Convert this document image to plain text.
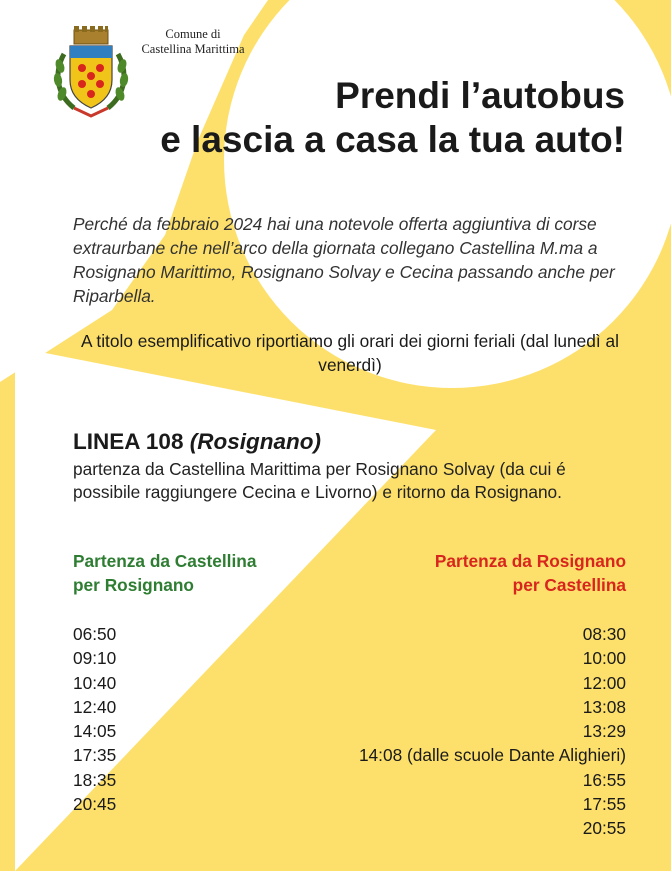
Comune di
Castellina Marittima
Prendi l’autobus
e lascia a casa la tua auto!
Perché da febbraio 2024 hai una notevole offerta aggiuntiva di corse extraurbane che nell’arco della giornata collegano Castellina M.ma a Rosignano Marittimo, Rosignano Solvay e Cecina passando anche per Riparbella.
A titolo esemplificativo riportiamo gli orari dei giorni feriali (dal lunedì al venerdì)
LINEA 108 (Rosignano)
partenza da Castellina Marittima per Rosignano Solvay (da cui é possibile raggiungere Cecina e Livorno) e ritorno da Rosignano.
Partenza da Castellina
per Rosignano
Partenza da Rosignano
per Castellina
06:50
09:10
10:40
12:40
14:05
17:35
18:35
20:45
08:30
10:00
12:00
13:08
13:29
14:08 (dalle scuole Dante Alighieri)
16:55
17:55
20:55
